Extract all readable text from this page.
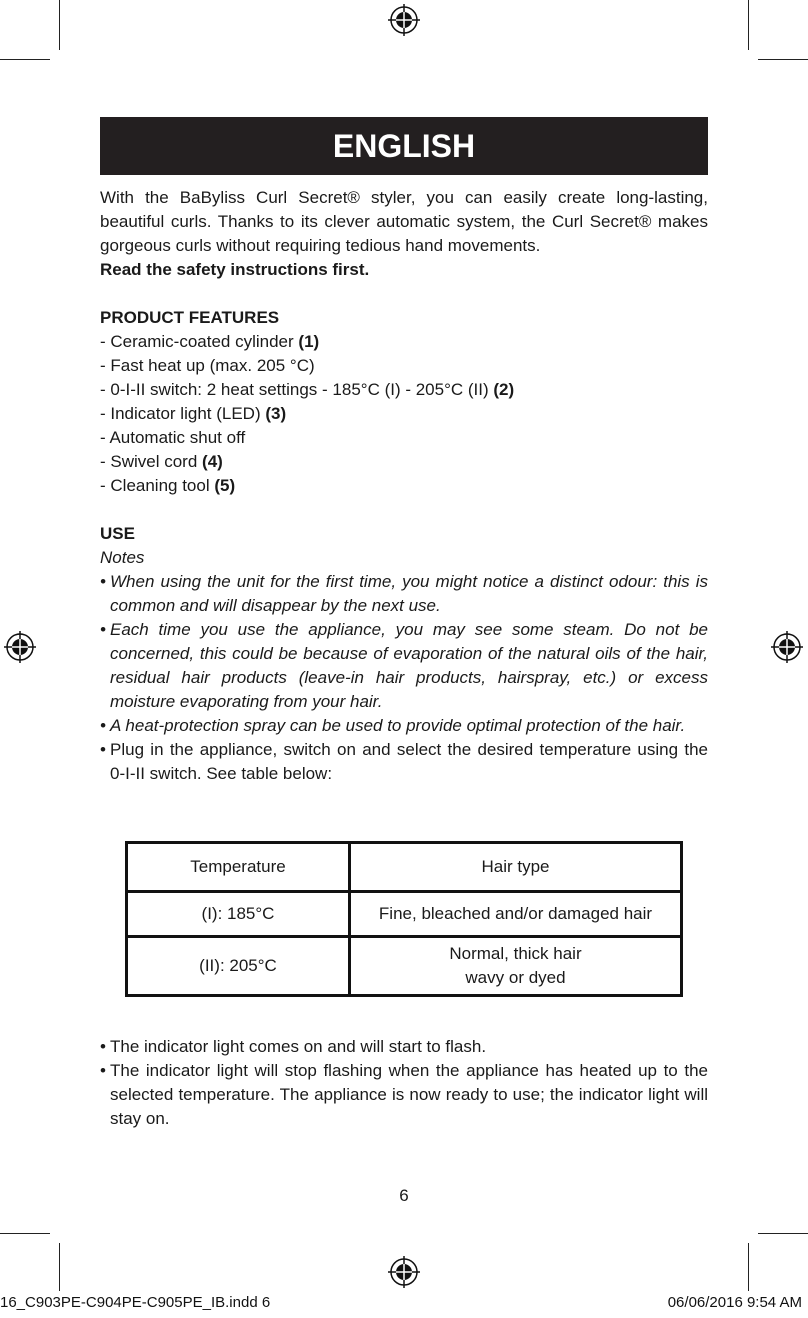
ENGLISH

With the BaByliss Curl Secret® styler, you can easily create long-lasting, beautiful curls. Thanks to its clever automatic system, the Curl Secret® makes gorgeous curls without requiring tedious hand movements.

Read the safety instructions first.

PRODUCT FEATURES
- Ceramic-coated cylinder (1)
- Fast heat up (max. 205 °C)
- 0-I-II switch: 2 heat settings - 185°C (I) - 205°C (II) (2)
- Indicator light (LED) (3)
- Automatic shut off
- Swivel cord (4)
- Cleaning tool (5)
USE
Notes
• When using the unit for the first time, you might notice a distinct odour: this is common and will disappear by the next use.
• Each time you use the appliance, you may see some steam. Do not be concerned, this could be because of evaporation of the natural oils of the hair, residual hair products (leave-in hair products, hairspray, etc.) or excess moisture evaporating from your hair.
• A heat-protection spray can be used to provide optimal protection of the hair.
• Plug in the appliance, switch on and select the desired temperature using the 0-I-II switch. See table below:
Temperature	Hair type
(I): 185°C	Fine, bleached and/or damaged hair
(II): 205°C	Normal, thick hair
wavy or dyed
• The indicator light comes on and will start to flash.
• The indicator light will stop flashing when the appliance has heated up to the selected temperature. The appliance is now ready to use; the indicator light will stay on.
6
16_C903PE-C904PE-C905PE_IB.indd 6	06/06/2016 9:54 AM
